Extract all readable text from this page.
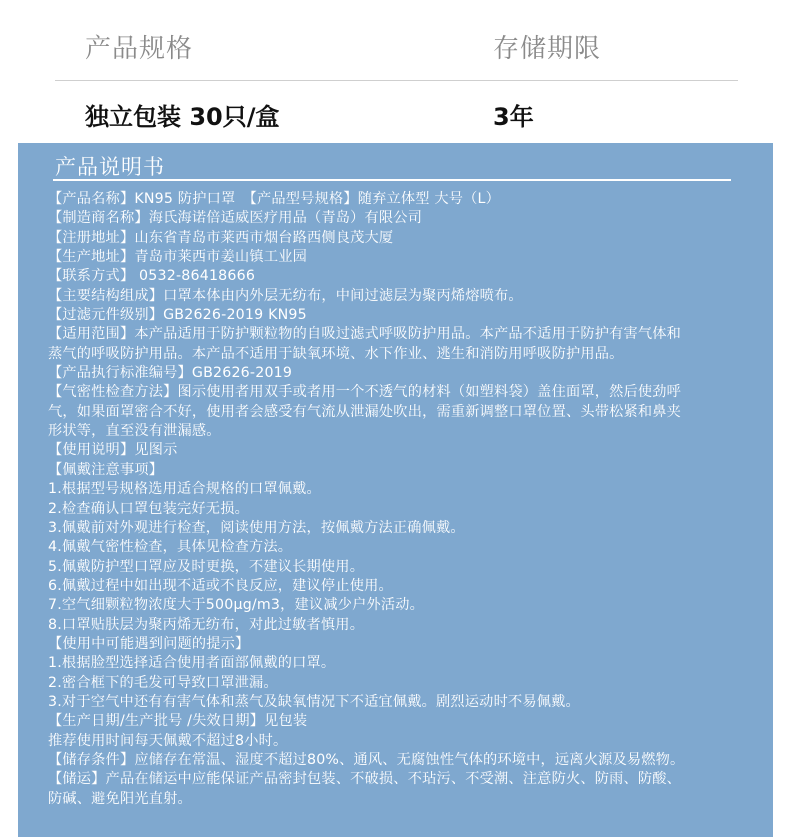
产品规格	存储期限
独立包装 30只/盒	3年
产品说明书
【产品名称】KN95 防护口罩　【产品型号规格】随弃立体型 大号（L）
【制造商名称】海氏海诺倍适威医疗用品（青岛）有限公司
【注册地址】山东省青岛市莱西市烟台路西侧良茂大厦
【生产地址】青岛市莱西市姜山镇工业园
【联系方式】 0532-86418666
【主要结构组成】口罩本体由内外层无纺布，中间过滤层为聚丙烯熔喷布。
【过滤元件级别】GB2626-2019 KN95
【适用范围】本产品适用于防护颗粒物的自吸过滤式呼吸防护用品。本产品不适用于防护有害气体和
蒸气的呼吸防护用品。本产品不适用于缺氧环境、水下作业、逃生和消防用呼吸防护用品。
【产品执行标准编号】GB2626-2019
【气密性检查方法】图示使用者用双手或者用一个不透气的材料（如塑料袋）盖住面罩，然后使劲呼
气，如果面罩密合不好，使用者会感受有气流从泄漏处吹出，需重新调整口罩位置、头带松紧和鼻夹
形状等，直至没有泄漏感。
【使用说明】见图示
【佩戴注意事项】
1.根据型号规格选用适合规格的口罩佩戴。
2.检查确认口罩包装完好无损。
3.佩戴前对外观进行检查，阅读使用方法，按佩戴方法正确佩戴。
4.佩戴气密性检查，具体见检查方法。
5.佩戴防护型口罩应及时更换，不建议长期使用。
6.佩戴过程中如出现不适或不良反应，建议停止使用。
7.空气细颗粒物浓度大于500μg/m3，建议减少户外活动。
8.口罩贴肤层为聚丙烯无纺布，对此过敏者慎用。
【使用中可能遇到问题的提示】
1.根据脸型选择适合使用者面部佩戴的口罩。
2.密合框下的毛发可导致口罩泄漏。
3.对于空气中还有有害气体和蒸气及缺氧情况下不适宜佩戴。剧烈运动时不易佩戴。
【生产日期/生产批号 /失效日期】见包装
推荐使用时间每天佩戴不超过8小时。
【储存条件】应储存在常温、湿度不超过80%、通风、无腐蚀性气体的环境中，远离火源及易燃物。
【储运】产品在储运中应能保证产品密封包装、不破损、不玷污、不受潮、注意防火、防雨、防酸、
防碱、避免阳光直射。
